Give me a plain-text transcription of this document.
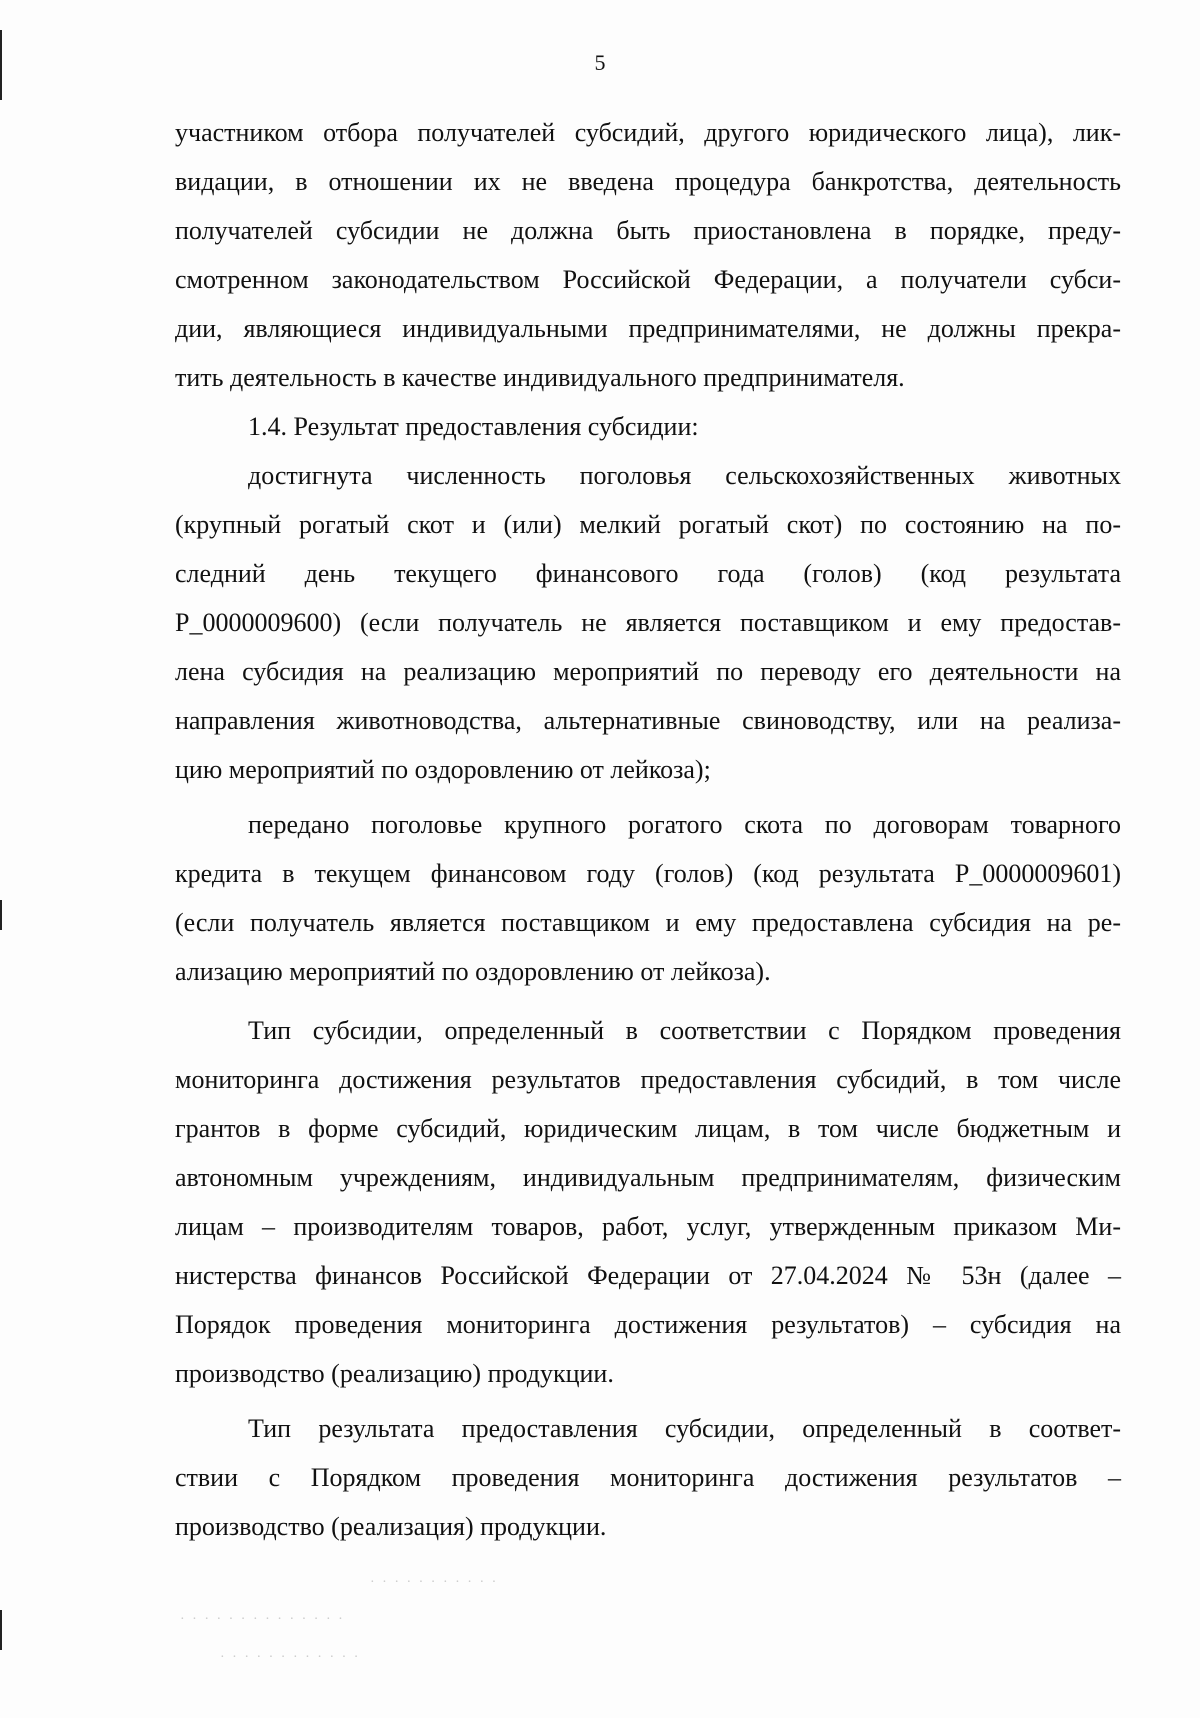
5
участником отбора получателей субсидий, другого юридического лица), лик-
видации, в отношении их не введена процедура банкротства, деятельность
получателей субсидии не должна быть приостановлена в порядке, преду-
смотренном законодательством Российской Федерации, а получатели субси-
дии, являющиеся индивидуальными предпринимателями, не должны прекра-
тить деятельность в качестве индивидуального предпринимателя.
1.4. Результат предоставления субсидии:
достигнута численность поголовья сельскохозяйственных животных
(крупный рогатый скот и (или) мелкий рогатый скот) по состоянию на по-
следний день текущего финансового года (голов) (код результата
P_0000009600) (если получатель не является поставщиком и ему предостав-
лена субсидия на реализацию мероприятий по переводу его деятельности на
направления животноводства, альтернативные свиноводству, или на реализа-
цию мероприятий по оздоровлению от лейкоза);
передано поголовье крупного рогатого скота по договорам товарного
кредита в текущем финансовом году (голов) (код результата P_0000009601)
(если получатель является поставщиком и ему предоставлена субсидия на ре-
ализацию мероприятий по оздоровлению от лейкоза).
Тип субсидии, определенный в соответствии с Порядком проведения
мониторинга достижения результатов предоставления субсидий, в том числе
грантов в форме субсидий, юридическим лицам, в том числе бюджетным и
автономным учреждениям, индивидуальным предпринимателям, физическим
лицам – производителям товаров, работ, услуг, утвержденным приказом Ми-
нистерства финансов Российской Федерации от 27.04.2024 № 53н (далее –
Порядок проведения мониторинга достижения результатов) – субсидия на
производство (реализацию) продукции.
Тип результата предоставления субсидии, определенный в соответ-
ствии с Порядком проведения мониторинга достижения результатов –
производство (реализация) продукции.
· · · · · · · · · · ·
· · · · · · · · · · · · · ·
· · · · · · · · · · · ·
